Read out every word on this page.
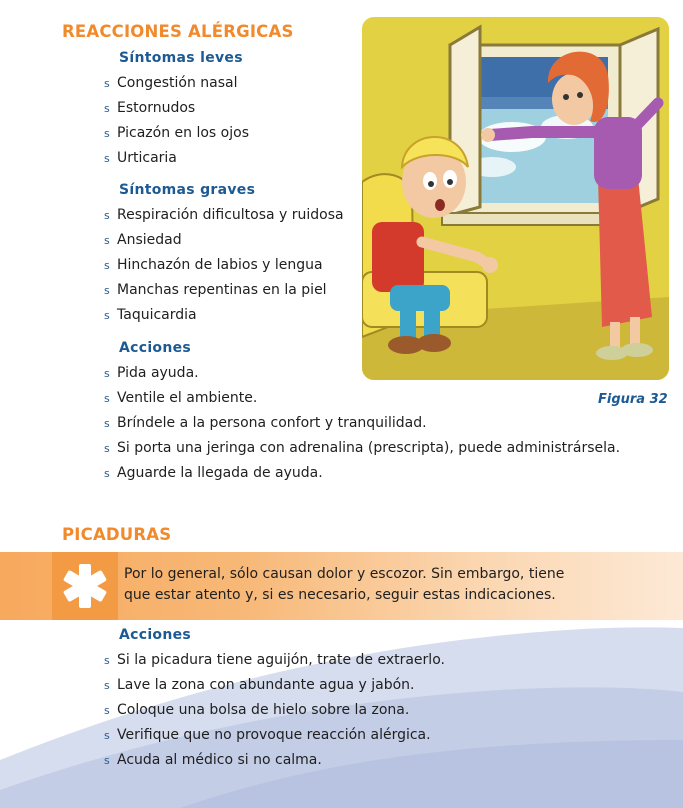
REACCIONES ALÉRGICAS
Síntomas leves
s Congestión nasal
s Estornudos
s Picazón en los ojos
s Urticaria
Síntomas graves
s Respiración dificultosa y ruidosa
s Ansiedad
s Hinchazón de labios y lengua
s Manchas repentinas en la piel
s Taquicardia
Acciones
s Pida ayuda.
s Ventile el ambiente.
s Bríndele a la persona confort y tranquilidad.
s Si porta una jeringa con adrenalina (prescripta), puede administrársela.
s Aguarde la llegada de ayuda.
Figura 32
PICADURAS
Por lo general, sólo causan dolor y escozor. Sin embargo, tiene
que estar atento y, si es necesario, seguir estas indicaciones.
Acciones
s Si la picadura tiene aguijón, trate de extraerlo.
s Lave la zona con abundante agua y jabón.
s Coloque una bolsa de hielo sobre la zona.
s Verifique que no provoque reacción alérgica.
s Acuda al médico si no calma.
